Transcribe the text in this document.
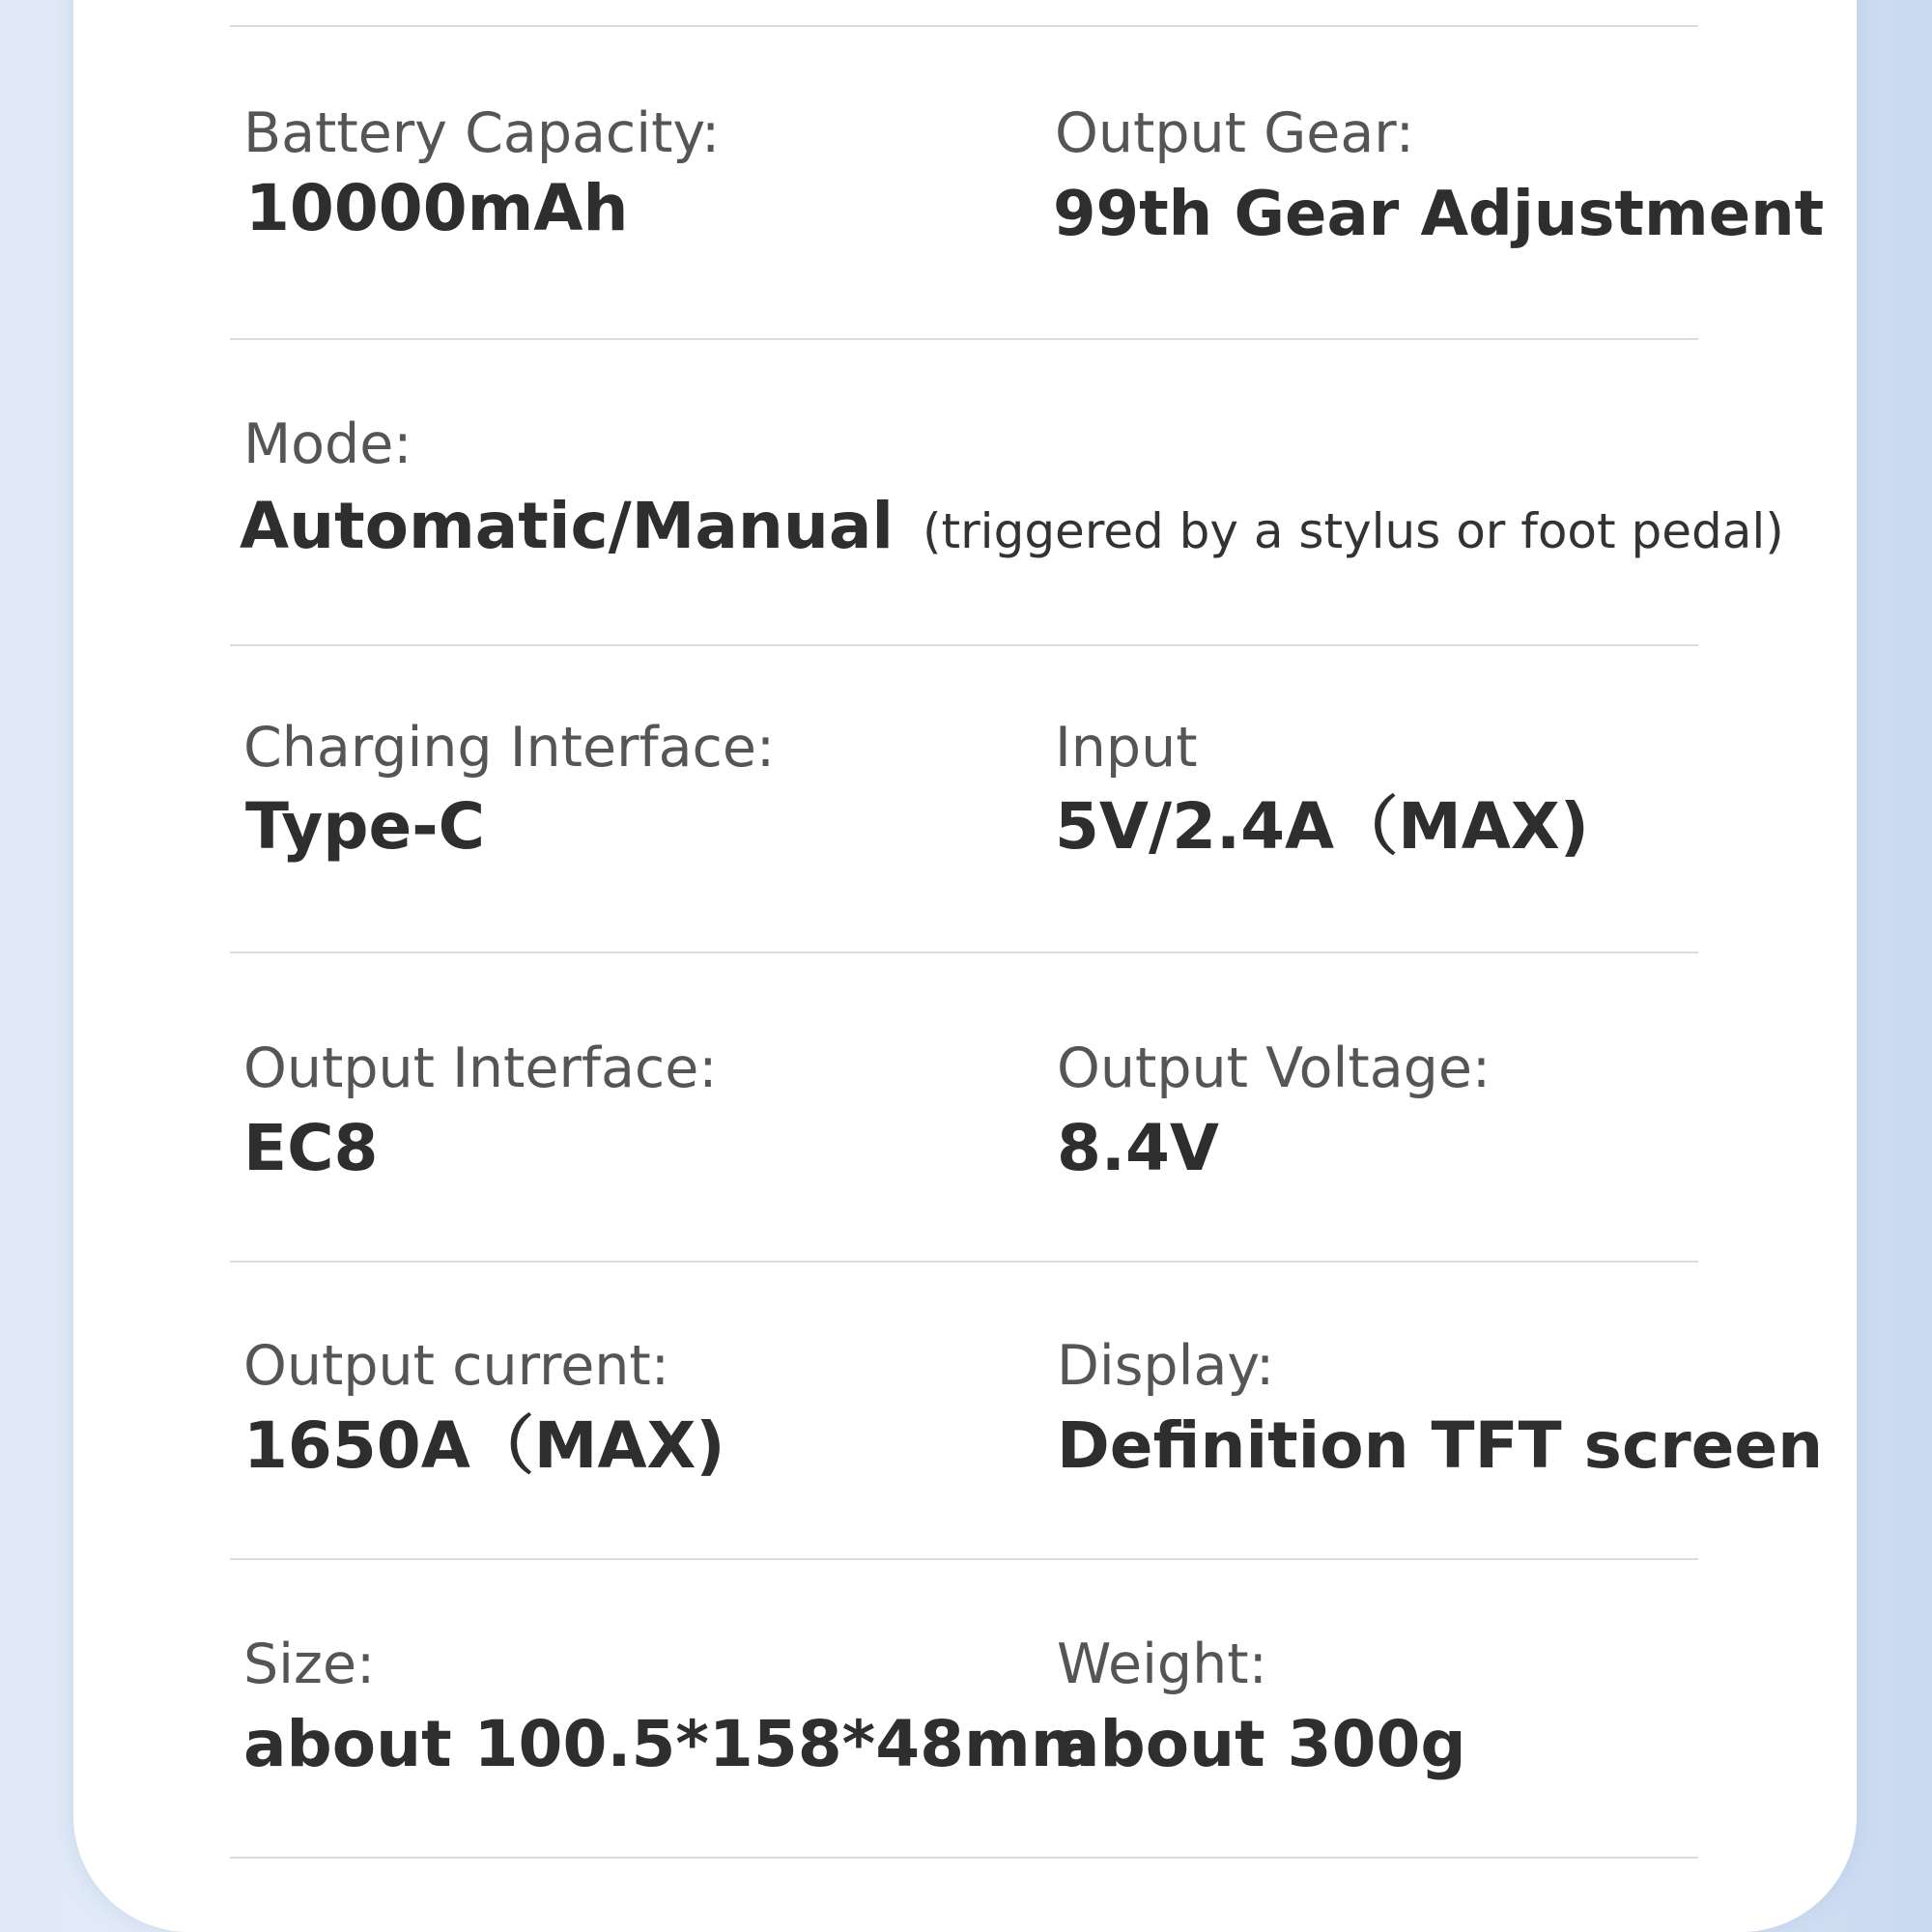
Battery Capacity:
10000mAh
Output Gear:
99th Gear Adjustment
Mode:
Automatic/Manual (triggered by a stylus or foot pedal)
Charging Interface:
Type-C
Input
5V/2.4A（MAX)
Output Interface:
EC8
Output Voltage:
8.4V
Output current:
1650A（MAX)
Display:
Definition TFT screen
Size:
about 100.5*158*48mm
Weight:
about 300g
